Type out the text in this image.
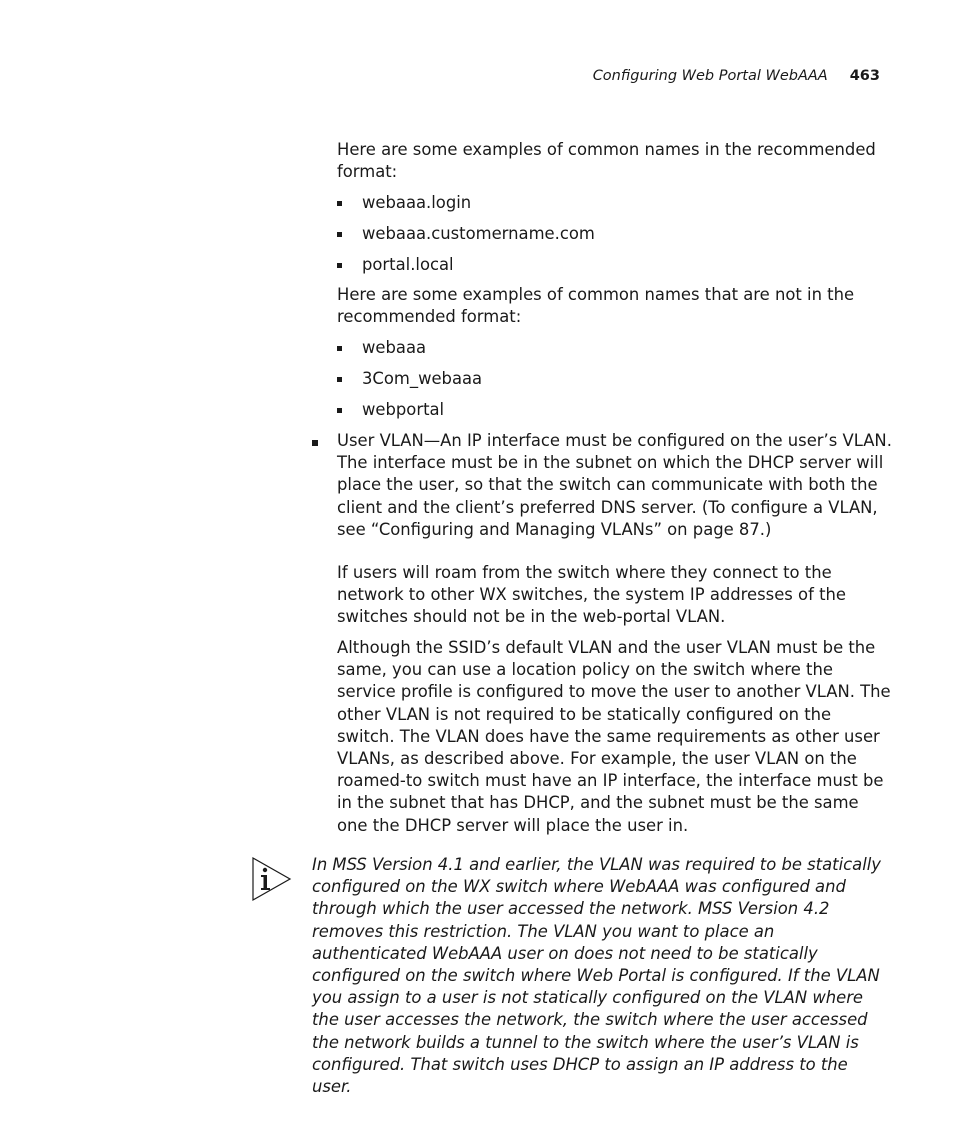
Configuring Web Portal WebAAA 463

Here are some examples of common names in the recommended format:

webaaa.login
webaaa.customername.com
portal.local

Here are some examples of common names that are not in the recommended format:

webaaa
3Com_webaaa
webportal

User VLAN—An IP interface must be configured on the user’s VLAN. The interface must be in the subnet on which the DHCP server will place the user, so that the switch can communicate with both the client and the client’s preferred DNS server. (To configure a VLAN, see “Configuring and Managing VLANs” on page 87.)

If users will roam from the switch where they connect to the network to other WX switches, the system IP addresses of the switches should not be in the web-portal VLAN.

Although the SSID’s default VLAN and the user VLAN must be the same, you can use a location policy on the switch where the service profile is configured to move the user to another VLAN. The other VLAN is not required to be statically configured on the switch. The VLAN does have the same requirements as other user VLANs, as described above. For example, the user VLAN on the roamed-to switch must have an IP interface, the interface must be in the subnet that has DHCP, and the subnet must be the same one the DHCP server will place the user in.

In MSS Version 4.1 and earlier, the VLAN was required to be statically configured on the WX switch where WebAAA was configured and through which the user accessed the network. MSS Version 4.2 removes this restriction. The VLAN you want to place an authenticated WebAAA user on does not need to be statically configured on the switch where Web Portal is configured. If the VLAN you assign to a user is not statically configured on the VLAN where the user accesses the network, the switch where the user accessed the network builds a tunnel to the switch where the user’s VLAN is configured. That switch uses DHCP to assign an IP address to the user.
